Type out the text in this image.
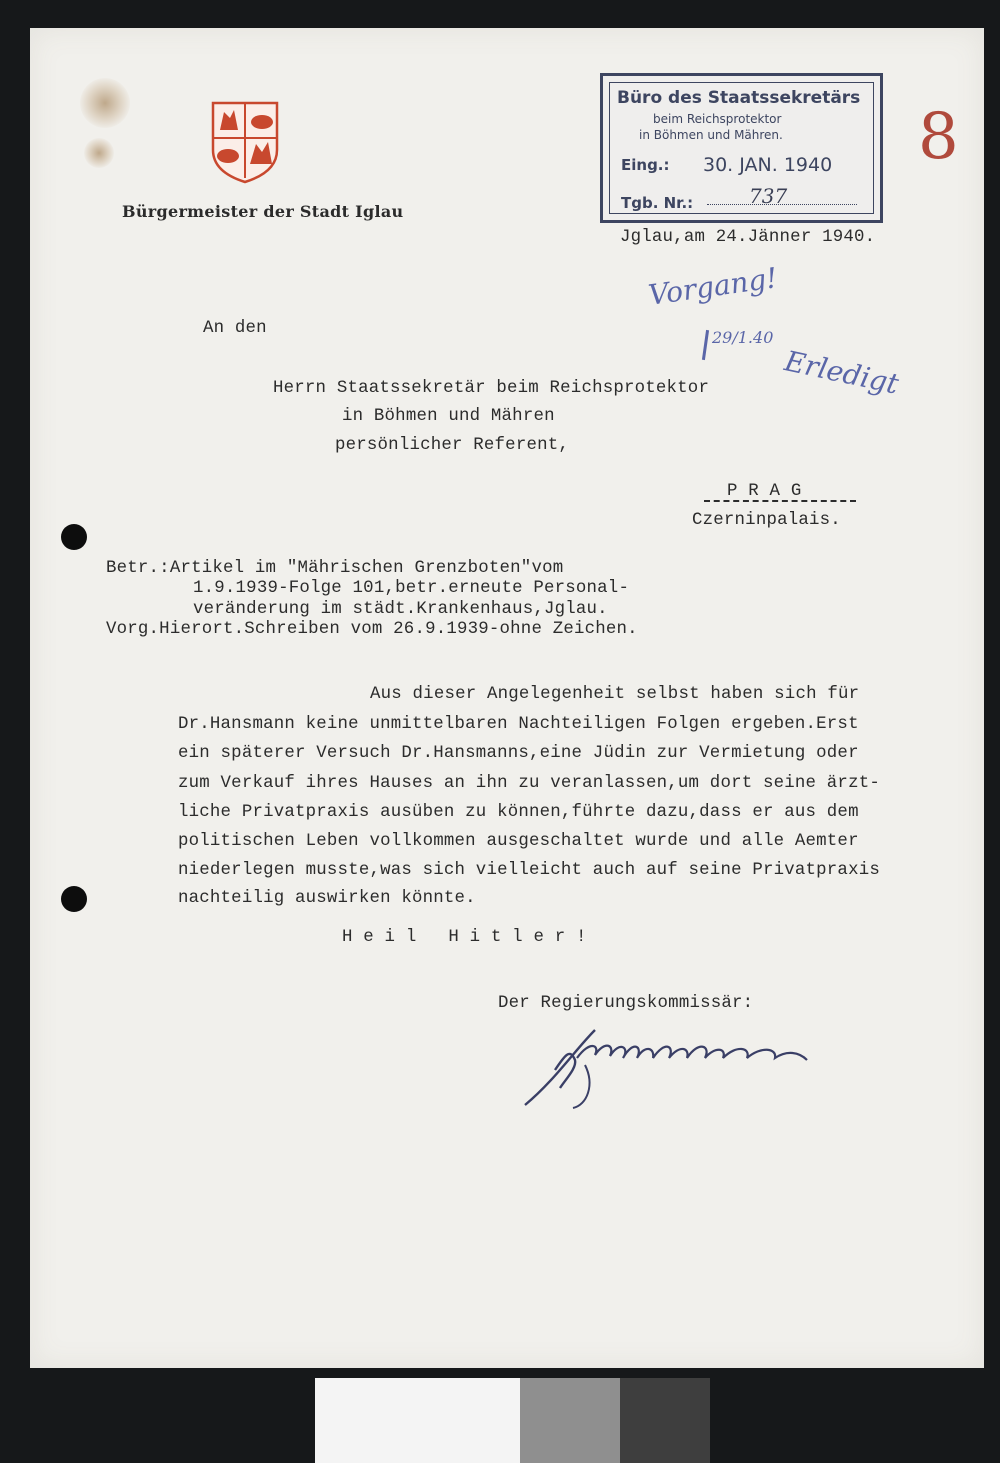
Bürgermeister der Stadt Iglau
Büro des Staatssekretärs
beim Reichsprotektor
in Böhmen und Mähren.
Eing.: 30. JAN. 1940
Tgb. Nr.:	737
8
Vorgang!
29/1.40
Erledigt
Jglau,am 24.Jänner 1940.
An den
Herrn Staatssekretär beim Reichsprotektor
in Böhmen und Mähren
persönlicher Referent,
P R A G
Czerninpalais.
Betr.:Artikel im "Mährischen Grenzboten"vom
1.9.1939-Folge 101,betr.erneute Personal-
veränderung im städt.Krankenhaus,Jglau.
Vorg.Hierort.Schreiben vom 26.9.1939-ohne Zeichen.
Aus dieser Angelegenheit selbst haben sich für
Dr.Hansmann keine unmittelbaren Nachteiligen Folgen ergeben.Erst
ein späterer Versuch Dr.Hansmanns,eine Jüdin zur Vermietung oder
zum Verkauf ihres Hauses an ihn zu veranlassen,um dort seine ärzt-
liche Privatpraxis ausüben zu können,führte dazu,dass er aus dem
politischen Leben vollkommen ausgeschaltet wurde und alle Aemter
niederlegen musste,was sich vielleicht auch auf seine Privatpraxis
nachteilig auswirken könnte.
H e i l   H i t l e r !
Der Regierungskommissär:
